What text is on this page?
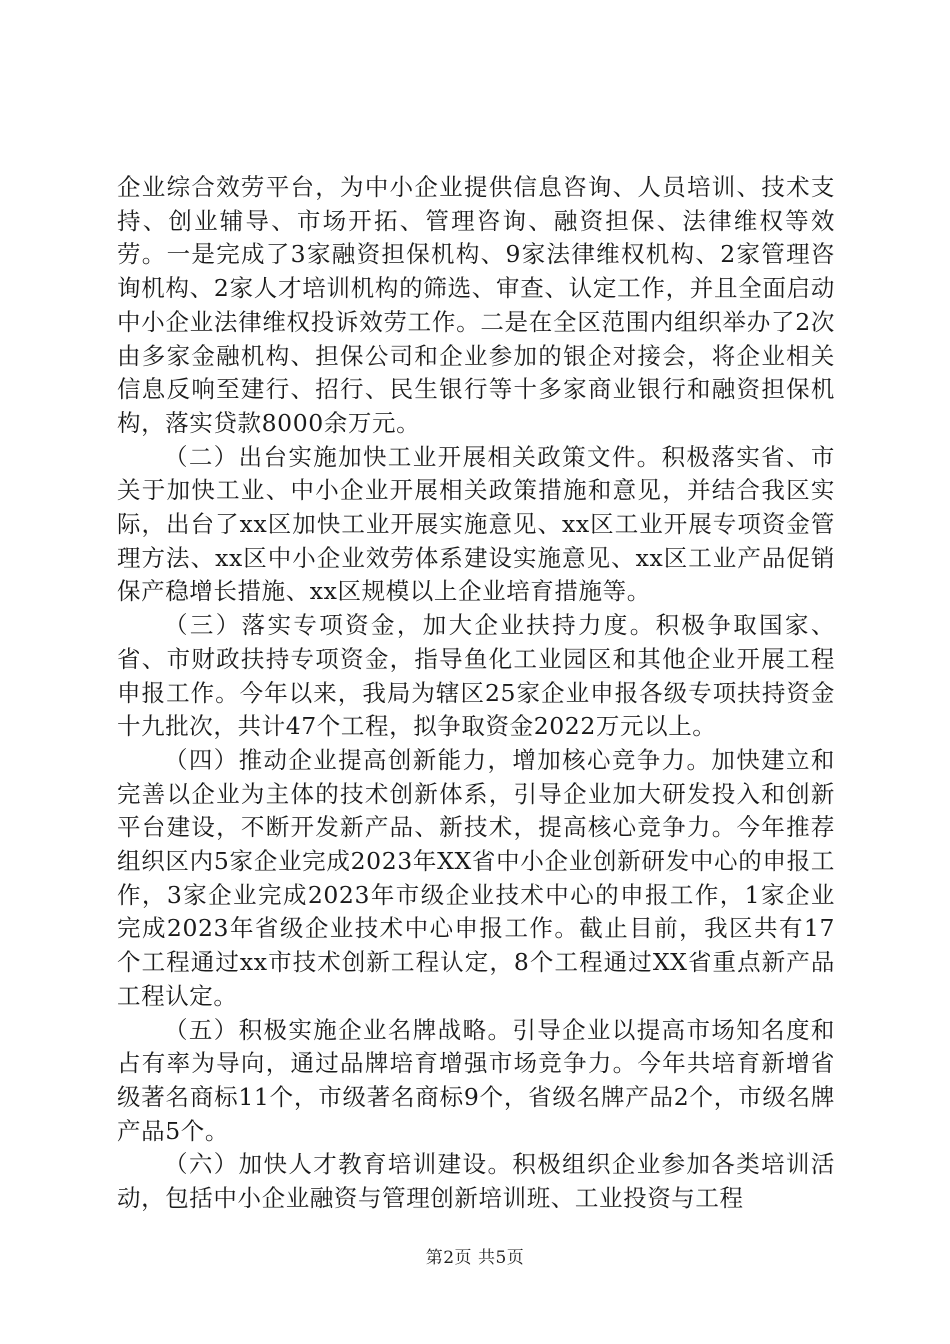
企业综合效劳平台，为中小企业提供信息咨询、人员培训、技术支持、创业辅导、市场开拓、管理咨询、融资担保、法律维权等效劳。一是完成了3家融资担保机构、9家法律维权机构、2家管理咨询机构、2家人才培训机构的筛选、审查、认定工作，并且全面启动中小企业法律维权投诉效劳工作。二是在全区范围内组织举办了2次由多家金融机构、担保公司和企业参加的银企对接会，将企业相关信息反响至建行、招行、民生银行等十多家商业银行和融资担保机构，落实贷款8000余万元。

（二）出台实施加快工业开展相关政策文件。积极落实省、市关于加快工业、中小企业开展相关政策措施和意见，并结合我区实际，出台了xx区加快工业开展实施意见、xx区工业开展专项资金管理方法、xx区中小企业效劳体系建设实施意见、xx区工业产品促销保产稳增长措施、xx区规模以上企业培育措施等。

（三）落实专项资金，加大企业扶持力度。积极争取国家、省、市财政扶持专项资金，指导鱼化工业园区和其他企业开展工程申报工作。今年以来，我局为辖区25家企业申报各级专项扶持资金十九批次，共计47个工程，拟争取资金2022万元以上。

（四）推动企业提高创新能力，增加核心竞争力。加快建立和完善以企业为主体的技术创新体系，引导企业加大研发投入和创新平台建设，不断开发新产品、新技术，提高核心竞争力。今年推荐组织区内5家企业完成2023年XX省中小企业创新研发中心的申报工作，3家企业完成2023年市级企业技术中心的申报工作，1家企业完成2023年省级企业技术中心申报工作。截止目前，我区共有17个工程通过xx市技术创新工程认定，8个工程通过XX省重点新产品工程认定。

（五）积极实施企业名牌战略。引导企业以提高市场知名度和占有率为导向，通过品牌培育增强市场竞争力。今年共培育新增省级著名商标11个，市级著名商标9个，省级名牌产品2个，市级名牌产品5个。

（六）加快人才教育培训建设。积极组织企业参加各类培训活动，包括中小企业融资与管理创新培训班、工业投资与工程

第2页 共5页
